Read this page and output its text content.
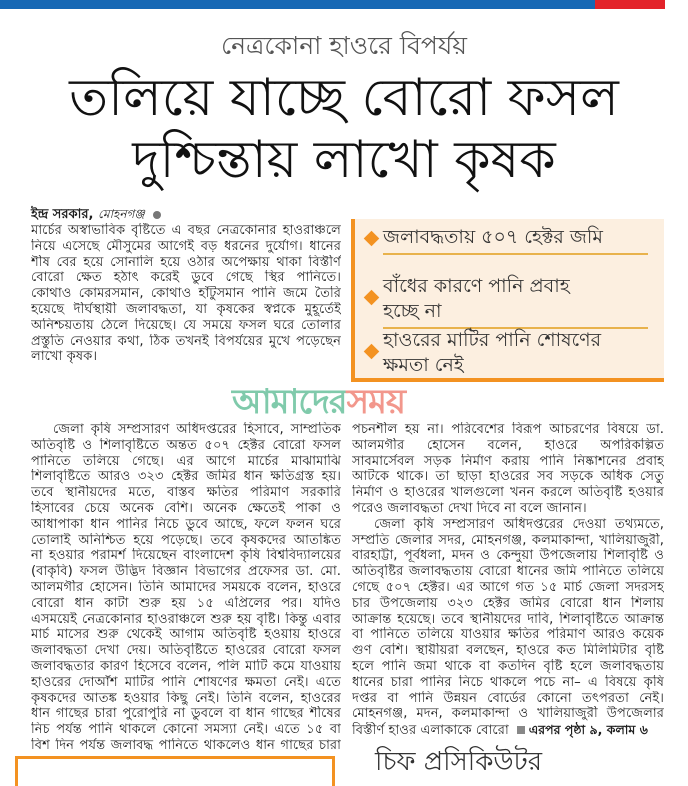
নেত্রকোনা হাওরে বিপর্যয়
তলিয়ে যাচ্ছে বোরো ফসল
দুশ্চিন্তায় লাখো কৃষক
ইন্দ্র সরকার, মোহনগঞ্জ
মার্চের অস্বাভাবিক বৃষ্টিতে এ বছর নেত্রকোনার হাওরাঞ্চলে
নিয়ে এসেছে মৌসুমের আগেই বড় ধরনের দুর্যোগ। ধানের
শীষ বের হয়ে সোনালি হয়ে ওঠার অপেক্ষায় থাকা বিস্তীর্ণ
বোরো ক্ষেত হঠাৎ করেই ডুবে গেছে স্থির পানিতে।
কোথাও কোমরসমান, কোথাও হাঁটুসমান পানি জমে তৈরি
হয়েছে দীর্ঘস্থায়ী জলাবদ্ধতা, যা কৃষকের স্বপ্নকে মুহূর্তেই
অনিশ্চয়তায় ঠেলে দিয়েছে। যে সময়ে ফসল ঘরে তোলার
প্রস্তুতি নেওয়ার কথা, ঠিক তখনই বিপর্যয়ের মুখে পড়েছেন
লাখো কৃষক।
জেলা কৃষি সম্প্রসারণ অধিদপ্তরের হিসাবে, সাম্প্রতিক
অতিবৃষ্টি ও শিলাবৃষ্টিতে অন্তত ৫০৭ হেক্টর বোরো ফসল
পানিতে তলিয়ে গেছে। এর আগে মার্চের মাঝামাঝি
শিলাবৃষ্টিতে আরও ৩২৩ হেক্টর জমির ধান ক্ষতিগ্রস্ত হয়।
তবে স্থানীয়দের মতে, বাস্তব ক্ষতির পরিমাণ সরকারি
হিসাবের চেয়ে অনেক বেশি। অনেক ক্ষেতেই পাকা ও
আধাপাকা ধান পানির নিচে ডুবে আছে, ফলে ফলন ঘরে
তোলাই অনিশ্চিত হয়ে পড়েছে। তবে কৃষকদের আতঙ্কিত
না হওয়ার পরামর্শ দিয়েছেন বাংলাদেশ কৃষি বিশ্ববিদ্যালয়ের
(বাকৃবি) ফসল উদ্ভিদ বিজ্ঞান বিভাগের প্রফেসর ডা. মো.
আলমগীর হোসেন। তিনি আমাদের সময়কে বলেন, হাওরে
বোরো ধান কাটা শুরু হয় ১৫ এপ্রিলের পর। যদিও
এসময়েই নেত্রকোনার হাওরাঞ্চলে শুরু হয় বৃষ্টি। কিন্তু এবার
মার্চ মাসের শুরু থেকেই আগাম অতিবৃষ্টি হওয়ায় হাওরে
জলাবদ্ধতা দেখা দেয়। অতিবৃষ্টিতে হাওরের বোরো ফসল
জলাবদ্ধতার কারণ হিসেবে বলেন, পলি মাটি কমে যাওয়ায়
হাওরের দোআঁশ মাটির পানি শোষণের ক্ষমতা নেই। এতে
কৃষকদের আতঙ্ক হওয়ার কিছু নেই। তিনি বলেন, হাওরের
ধান গাছের চারা পুরোপুরি না ডুবলে বা ধান গাছের শীষের
নিচ পর্যন্ত পানি থাকলে কোনো সমস্যা নেই। এতে ১৫ বা
বিশ দিন পর্যন্ত জলাবদ্ধ পানিতে থাকলেও ধান গাছের চারা
পচনশীল হয় না। পরিবেশের বিরূপ আচরণের বিষয়ে ডা.
আলমগীর হোসেন বলেন, হাওরে অপরিকল্পিত
সাবমার্সেবল সড়ক নির্মাণ করায় পানি নিষ্কাশনের প্রবাহ
আটকে থাকে। তা ছাড়া হাওরের সব সড়কে অধিক সেতু
নির্মাণ ও হাওরের খালগুলো খনন করলে অতিবৃষ্টি হওয়ার
পরেও জলাবদ্ধতা দেখা দিবে না বলে জানান।
জেলা কৃষি সম্প্রসারণ অধিদপ্তরের দেওয়া তথ্যমতে,
সম্প্রতি জেলার সদর, মোহনগঞ্জ, কলমাকান্দা, খালিয়াজুরী,
বারহাট্টা, পূর্বধলা, মদন ও কেন্দুয়া উপজেলায় শিলাবৃষ্টি ও
অতিবৃষ্টির জলাবদ্ধতায় বোরো ধানের জমি পানিতে তলিয়ে
গেছে ৫০৭ হেক্টর। এর আগে গত ১৫ মার্চ জেলা সদরসহ
চার উপজেলায় ৩২৩ হেক্টর জমির বোরো ধান শিলায়
আক্রান্ত হয়েছে। তবে স্থানীয়দের দাবি, শিলাবৃষ্টিতে আক্রান্ত
বা পানিতে তলিয়ে যাওয়ার ক্ষতির পরিমাণ আরও কয়েক
গুণ বেশি। স্থায়ীয়রা বলছেন, হাওরে কত মিলিমিটার বৃষ্টি
হলে পানি জমা থাকে বা কতদিন বৃষ্টি হলে জলাবদ্ধতায়
ধানের চারা পানির নিচে থাকলে পচে না– এ বিষয়ে কৃষি
দপ্তর বা পানি উন্নয়ন বোর্ডের কোনো তৎপরতা নেই।
মোহনগঞ্জ, মদন, কলমাকান্দা ও খালিয়াজুরী উপজেলার
বিস্তীর্ণ হাওর এলাকাকে বোরো এরপর পৃষ্ঠা ৯, কলাম ৬
জলাবদ্ধতায় ৫০৭ হেক্টর জমি
বাঁধের কারণে পানি প্রবাহ
হচ্ছে না
হাওরের মাটির পানি শোষণের
ক্ষমতা নেই
আমাদেরসময়
চিফ প্রসিকিউটর
